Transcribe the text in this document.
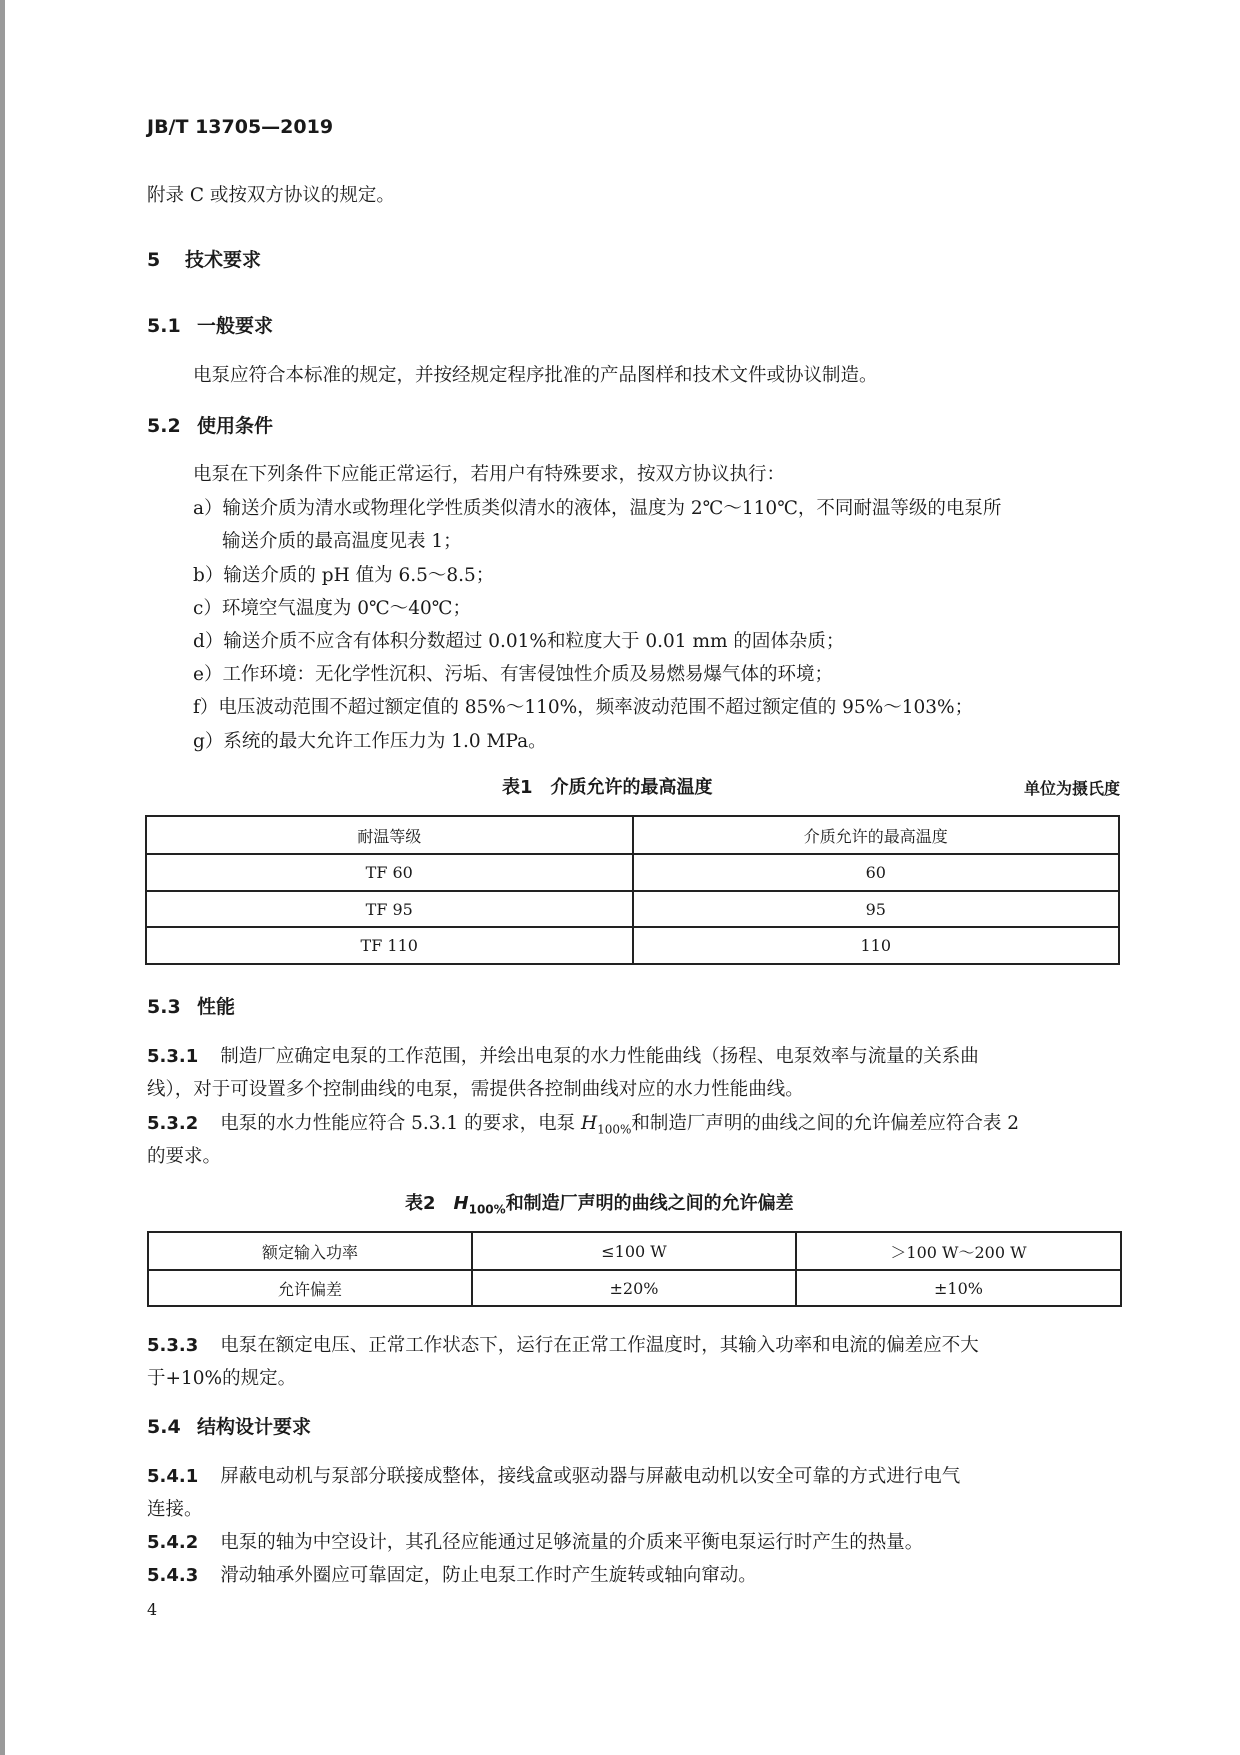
JB/T 13705—2019
附录 C 或按双方协议的规定。
5 技术要求
5.1 一般要求
电泵应符合本标准的规定，并按经规定程序批准的产品图样和技术文件或协议制造。
5.2 使用条件
电泵在下列条件下应能正常运行，若用户有特殊要求，按双方协议执行：
a）输送介质为清水或物理化学性质类似清水的液体，温度为 2℃～110℃，不同耐温等级的电泵所
输送介质的最高温度见表 1；
b）输送介质的 pH 值为 6.5～8.5；
c）环境空气温度为 0℃～40℃；
d）输送介质不应含有体积分数超过 0.01%和粒度大于 0.01 mm 的固体杂质；
e）工作环境：无化学性沉积、污垢、有害侵蚀性介质及易燃易爆气体的环境；
f）电压波动范围不超过额定值的 85%～110%，频率波动范围不超过额定值的 95%～103%；
g）系统的最大允许工作压力为 1.0 MPa。
表1　介质允许的最高温度	单位为摄氏度
耐温等级	介质允许的最高温度
TF 60	60
TF 95	95
TF 110	110
5.3 性能
5.3.1 制造厂应确定电泵的工作范围，并绘出电泵的水力性能曲线（扬程、电泵效率与流量的关系曲
线），对于可设置多个控制曲线的电泵，需提供各控制曲线对应的水力性能曲线。
5.3.2 电泵的水力性能应符合 5.3.1 的要求，电泵 $H_{100\%}$和制造厂声明的曲线之间的允许偏差应符合表 2
的要求。
表2　$H_{100\%}$和制造厂声明的曲线之间的允许偏差
额定输入功率	≤100 W	＞100 W～200 W
允许偏差	±20%	±10%
5.3.3 电泵在额定电压、正常工作状态下，运行在正常工作温度时，其输入功率和电流的偏差应不大
于+10%的规定。
5.4 结构设计要求
5.4.1 屏蔽电动机与泵部分联接成整体，接线盒或驱动器与屏蔽电动机以安全可靠的方式进行电气
连接。
5.4.2 电泵的轴为中空设计，其孔径应能通过足够流量的介质来平衡电泵运行时产生的热量。
5.4.3 滑动轴承外圈应可靠固定，防止电泵工作时产生旋转或轴向窜动。
4
